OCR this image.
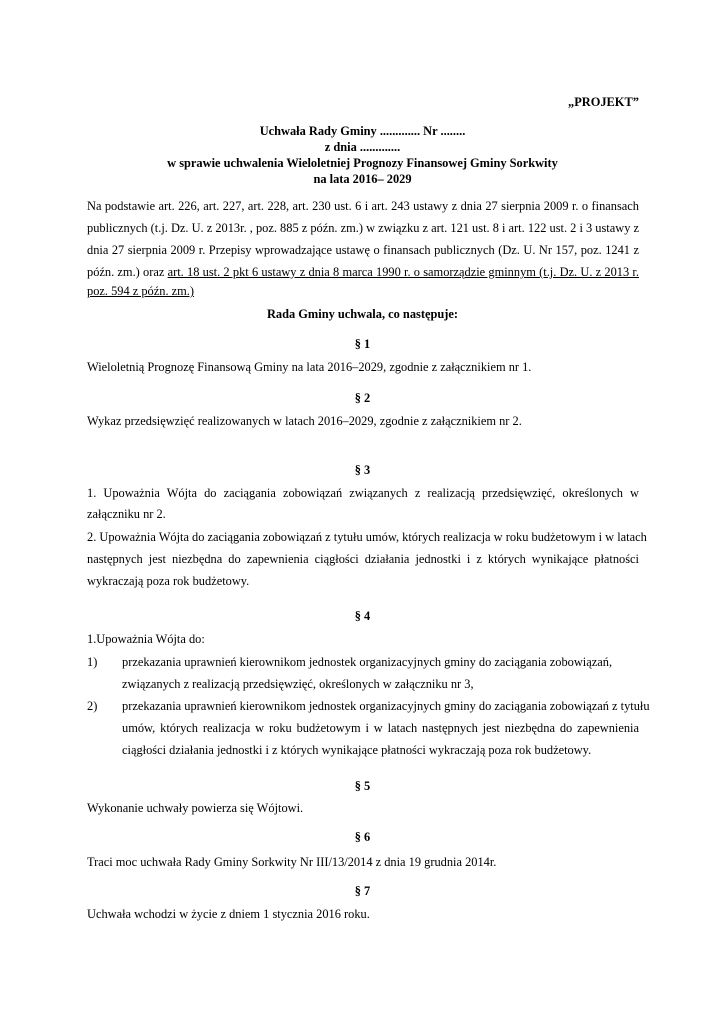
„PROJEKT”
Uchwała Rady Gminy ............. Nr ........
z dnia .............
w sprawie uchwalenia Wieloletniej Prognozy Finansowej Gminy Sorkwity
na lata 2016– 2029
Na podstawie art. 226, art. 227, art. 228, art. 230 ust. 6 i art. 243 ustawy z dnia 27 sierpnia 2009 r. o finansach
publicznych (t.j. Dz. U. z 2013r. , poz. 885 z późn. zm.) w związku z art. 121 ust. 8 i art. 122 ust. 2 i 3 ustawy z
dnia 27 sierpnia 2009 r. Przepisy wprowadzające ustawę o finansach publicznych (Dz. U. Nr 157, poz. 1241 z
późn. zm.) oraz art. 18 ust. 2 pkt 6 ustawy z dnia 8 marca 1990 r. o samorządzie gminnym (t.j. Dz. U. z 2013 r.
poz. 594 z późn. zm.)
Rada Gminy uchwala, co następuje:
§ 1
Wieloletnią Prognozę Finansową Gminy na lata 2016–2029, zgodnie z załącznikiem nr 1.
§ 2
Wykaz przedsięwzięć realizowanych w latach 2016–2029, zgodnie z załącznikiem nr 2.
§ 3
1. Upoważnia Wójta do zaciągania zobowiązań związanych z realizacją przedsięwzięć, określonych w
załączniku nr 2.
2. Upoważnia Wójta do zaciągania zobowiązań z tytułu umów, których realizacja w roku budżetowym i w latach
następnych jest niezbędna do zapewnienia ciągłości działania jednostki i z których wynikające płatności
wykraczają poza rok budżetowy.
§ 4
1.Upoważnia Wójta do:
1) przekazania uprawnień kierownikom jednostek organizacyjnych gminy do zaciągania zobowiązań,
związanych z realizacją przedsięwzięć, określonych w załączniku nr 3,
2) przekazania uprawnień kierownikom jednostek organizacyjnych gminy do zaciągania zobowiązań z tytułu
umów, których realizacja w roku budżetowym i w latach następnych jest niezbędna do zapewnienia
ciągłości działania jednostki i z których wynikające płatności wykraczają poza rok budżetowy.
§ 5
Wykonanie uchwały powierza się Wójtowi.
§ 6
Traci moc uchwała Rady Gminy Sorkwity Nr III/13/2014 z dnia 19 grudnia 2014r.
§ 7
Uchwała wchodzi w życie z dniem 1 stycznia 2016 roku.
